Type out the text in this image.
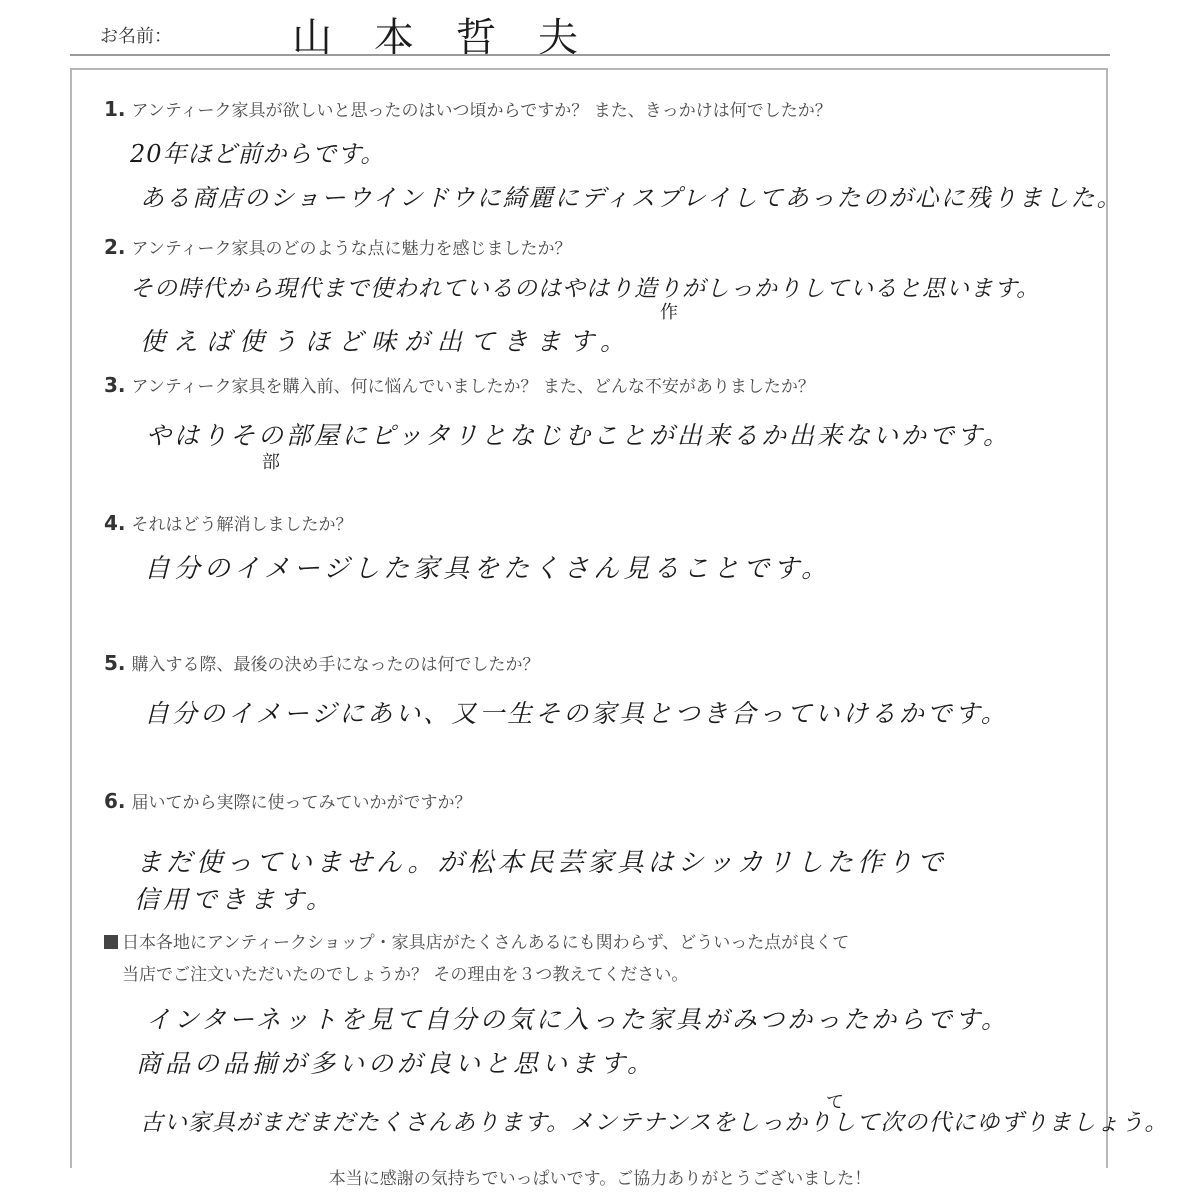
お名前：	山本哲夫
1. アンティーク家具が欲しいと思ったのはいつ頃からですか？ また、きっかけは何でしたか？
20年ほど前からです。
ある商店のショーウインドウに綺麗にディスプレイしてあったのが心に残りました。
2. アンティーク家具のどのような点に魅力を感じましたか？
その時代から現代まで使われているのはやはり造りがしっかりしていると思います。
作
使えば使うほど味が出てきます。
3. アンティーク家具を購入前、何に悩んでいましたか？ また、どんな不安がありましたか？
やはりその部屋にピッタリとなじむことが出来るか出来ないかです。
部
4. それはどう解消しましたか？
自分のイメージした家具をたくさん見ることです。
5. 購入する際、最後の決め手になったのは何でしたか？
自分のイメージにあい、又一生その家具とつき合っていけるかです。
6. 届いてから実際に使ってみていかがですか？
まだ使っていません。が松本民芸家具はシッカリした作りで
信用できます。
日本各地にアンティークショップ・家具店がたくさんあるにも関わらず、どういった点が良くて
当店でご注文いただいたのでしょうか？ その理由を３つ教えてください。
インターネットを見て自分の気に入った家具がみつかったからです。
商品の品揃が多いのが良いと思います。
て
古い家具がまだまだたくさんあります。メンテナンスをしっかりして次の代にゆずりましょう。
本当に感謝の気持ちでいっぱいです。ご協力ありがとうございました！
